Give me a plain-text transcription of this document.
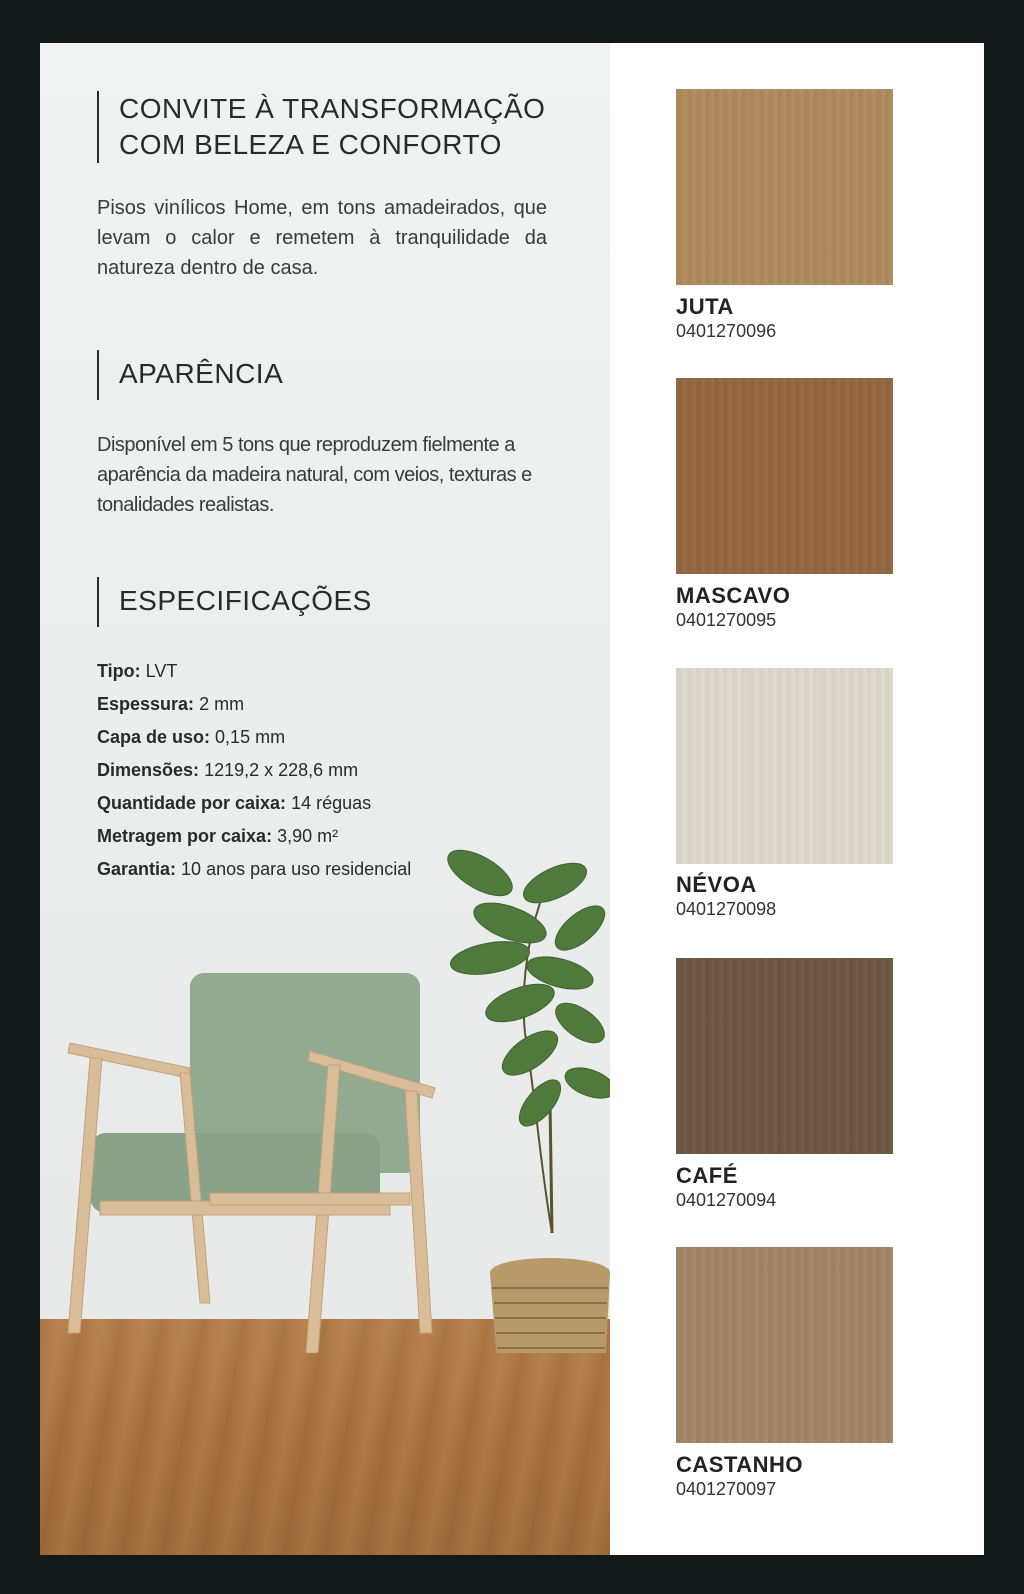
CONVITE À TRANSFORMAÇÃO
COM BELEZA E CONFORTO
Pisos vinílicos Home, em tons amadeirados, que levam o calor e remetem à tranquilidade da natureza dentro de casa.
APARÊNCIA
Disponível em 5 tons que reproduzem fielmente a aparência da madeira natural, com veios, texturas e tonalidades realistas.
ESPECIFICAÇÕES
Tipo: LVT
Espessura: 2 mm
Capa de uso: 0,15 mm
Dimensões: 1219,2 x 228,6 mm
Quantidade por caixa: 14 réguas
Metragem por caixa: 3,90 m²
Garantia: 10 anos para uso residencial
JUTA
0401270096
MASCAVO
0401270095
NÉVOA
0401270098
CAFÉ
0401270094
CASTANHO
0401270097
